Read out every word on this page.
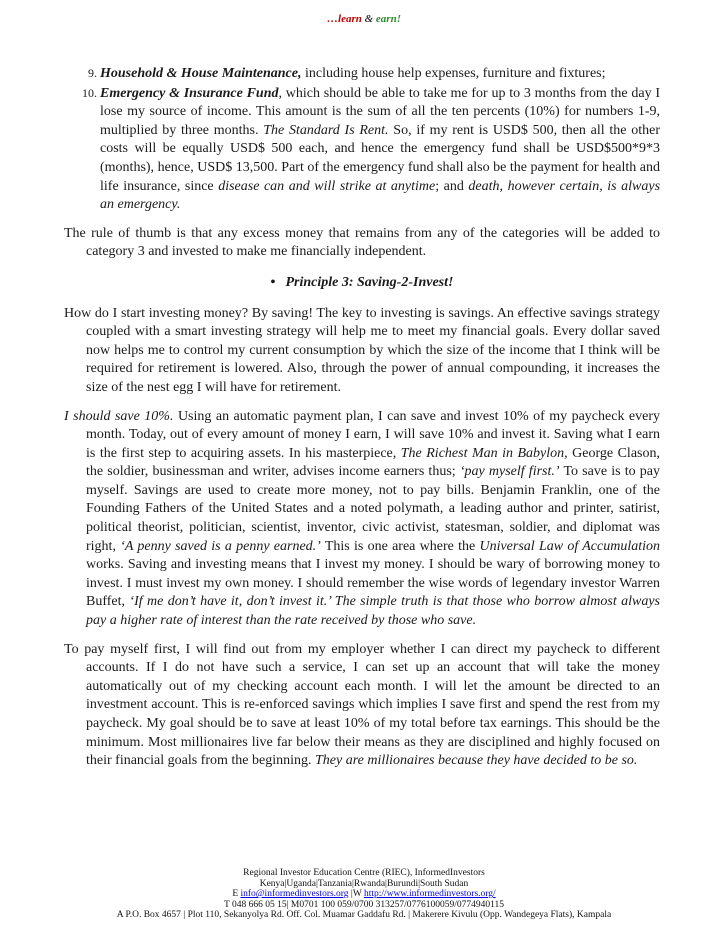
…learn & earn!
9. Household & House Maintenance, including house help expenses, furniture and fixtures;
10. Emergency & Insurance Fund, which should be able to take me for up to 3 months from the day I lose my source of income. This amount is the sum of all the ten percents (10%) for numbers 1-9, multiplied by three months. The Standard Is Rent. So, if my rent is USD$ 500, then all the other costs will be equally USD$ 500 each, and hence the emergency fund shall be USD$500*9*3 (months), hence, USD$ 13,500. Part of the emergency fund shall also be the payment for health and life insurance, since disease can and will strike at anytime; and death, however certain, is always an emergency.

The rule of thumb is that any excess money that remains from any of the categories will be added to category 3 and invested to make me financially independent.

• Principle 3: Saving-2-Invest!

How do I start investing money? By saving! The key to investing is savings. An effective savings strategy coupled with a smart investing strategy will help me to meet my financial goals. Every dollar saved now helps me to control my current consumption by which the size of the income that I think will be required for retirement is lowered. Also, through the power of annual compounding, it increases the size of the nest egg I will have for retirement.

I should save 10%. Using an automatic payment plan, I can save and invest 10% of my paycheck every month. Today, out of every amount of money I earn, I will save 10% and invest it. Saving what I earn is the first step to acquiring assets. In his masterpiece, The Richest Man in Babylon, George Clason, the soldier, businessman and writer, advises income earners thus; ‘pay myself first.’ To save is to pay myself. Savings are used to create more money, not to pay bills. Benjamin Franklin, one of the Founding Fathers of the United States and a noted polymath, a leading author and printer, satirist, political theorist, politician, scientist, inventor, civic activist, statesman, soldier, and diplomat was right, ‘A penny saved is a penny earned.’ This is one area where the Universal Law of Accumulation works. Saving and investing means that I invest my money. I should be wary of borrowing money to invest. I must invest my own money. I should remember the wise words of legendary investor Warren Buffet, ‘If me don’t have it, don’t invest it.’ The simple truth is that those who borrow almost always pay a higher rate of interest than the rate received by those who save.

To pay myself first, I will find out from my employer whether I can direct my paycheck to different accounts. If I do not have such a service, I can set up an account that will take the money automatically out of my checking account each month. I will let the amount be directed to an investment account. This is re-enforced savings which implies I save first and spend the rest from my paycheck. My goal should be to save at least 10% of my total before tax earnings. This should be the minimum. Most millionaires live far below their means as they are disciplined and highly focused on their financial goals from the beginning. They are millionaires because they have decided to be so.

Regional Investor Education Centre (RIEC), InformedInvestors
Kenya|Uganda|Tanzania|Rwanda|Burundi|South Sudan
E info@informedinvestors.org |W http://www.informedinvestors.org/
T 048 666 05 15| M0701 100 059/0700 313257/0776100059/0774940115
A P.O. Box 4657 | Plot 110, Sekanyolya Rd. Off. Col. Muamar Gaddafu Rd. | Makerere Kivulu (Opp. Wandegeya Flats), Kampala
